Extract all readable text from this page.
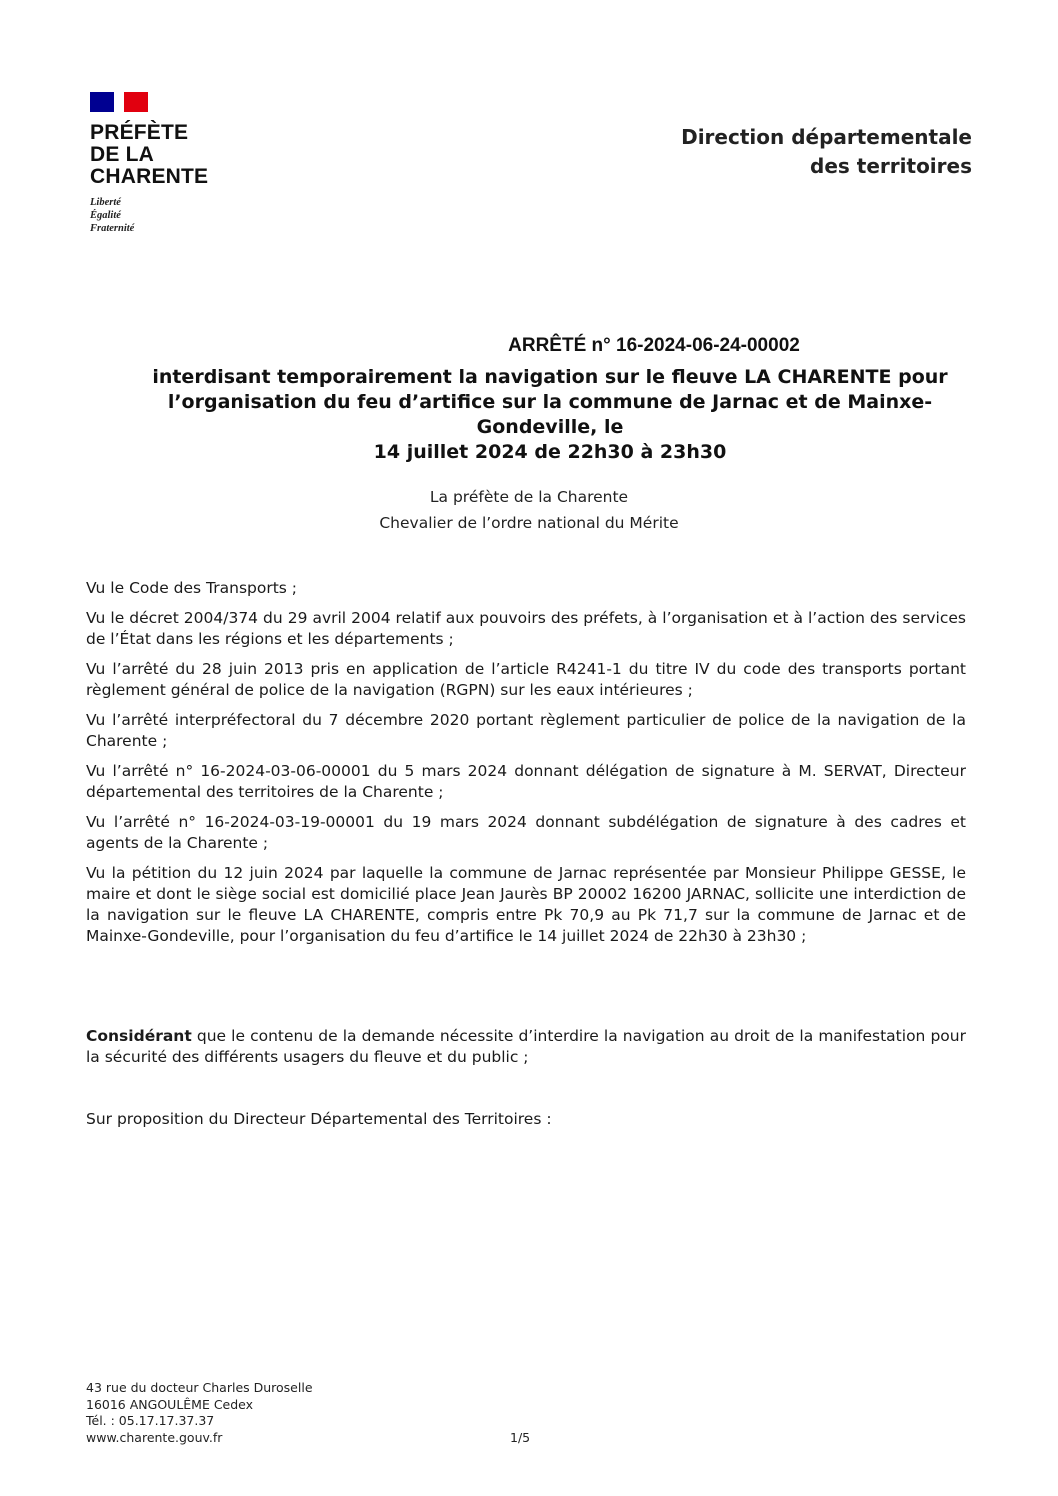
PRÉFÈTE
DE LA
CHARENTE
Liberté
Égalité
Fraternité
Direction départementale
des territoires
ARRÊTÉ n° 16-2024-06-24-00002
interdisant temporairement la navigation sur le fleuve LA CHARENTE pour
l’organisation du feu d’artifice sur la commune de Jarnac et de Mainxe-Gondeville, le
14 juillet 2024 de 22h30 à 23h30
La préfète de la Charente
Chevalier de l’ordre national du Mérite

Vu le Code des Transports ;

Vu le décret 2004/374 du 29 avril 2004 relatif aux pouvoirs des préfets, à l’organisation et à l’action des services de l’État dans les régions et les départements ;

Vu l’arrêté du 28 juin 2013 pris en application de l’article R4241-1 du titre IV du code des transports portant règlement général de police de la navigation (RGPN) sur les eaux intérieures ;

Vu l’arrêté interpréfectoral du 7 décembre 2020 portant règlement particulier de police de la navigation de la Charente ;

Vu l’arrêté n° 16-2024-03-06-00001 du 5 mars 2024 donnant délégation de signature à M. SERVAT, Directeur départemental des territoires de la Charente ;

Vu l’arrêté n° 16-2024-03-19-00001 du 19 mars 2024 donnant subdélégation de signature à des cadres et agents de la Charente ;

Vu la pétition du 12 juin 2024 par laquelle la commune de Jarnac représentée par Monsieur Philippe GESSE, le maire et dont le siège social est domicilié place Jean Jaurès BP 20002 16200 JARNAC, sollicite une interdiction de la navigation sur le fleuve LA CHARENTE, compris entre Pk 70,9 au Pk 71,7 sur la commune de Jarnac et de Mainxe-Gondeville, pour l’organisation du feu d’artifice le 14 juillet 2024 de 22h30 à 23h30 ;

Considérant que le contenu de la demande nécessite d’interdire la navigation au droit de la manifestation pour la sécurité des différents usagers du fleuve et du public ;
Sur proposition du Directeur Départemental des Territoires :
43 rue du docteur Charles Duroselle
16016 ANGOULÊME Cedex
Tél. : 05.17.17.37.37
www.charente.gouv.fr	1/5
